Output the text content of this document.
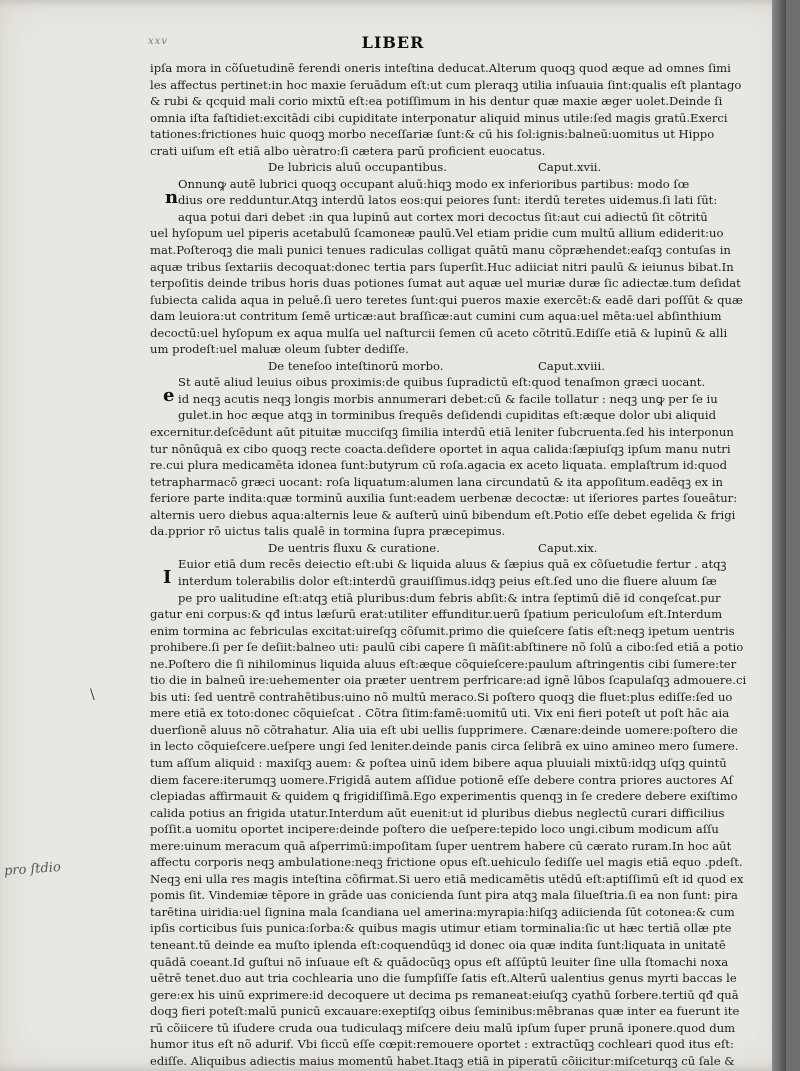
xxv	LIBER
n
e
I
\
pro ſtdio
ipſa mora in cõſuetudinẽ ferendi oneris inteſtina deducat.Alterum quoqꝫ quod æque ad omnes ſimi
les affectus pertinet:in hoc maxie ſeruādum eſt:ut cum pleraqꝫ utilia inſuauia ſint:qualis eſt plantago
& rubi & qcquid mali corio mixtū eſt:ea potiſſimum in his dentur quæ maxie æger uolet.Deinde ſi
omnia iſta faſtidiet:excitādi cibi cupiditate interponatur aliquid minus utile:ſed magis gratū.Exerci
tationes:frictiones huic quoqꝫ morbo neceſſariæ ſunt:& cū his ſol:ignis:balneū:uomitus ut Hippo
crati uiſum eſt etiā albo uèratro:ſi cætera parū proficient euocatus.
De lubricis aluū occupantibus.	Caput.xvii.
Onnunꝙ autẽ lubrici quoqꝫ occupant aluū:hiqꝫ modo ex inferioribus partibus: modo ſœ
dius ore redduntur.Atqꝫ interdū latos eos:qui peiores ſunt: iterdū teretes uidemus.ſi lati ſūt:
aqua potui dari debet :in qua lupinū aut cortex mori decoctus ſit:aut cui adiectū ſit cõtritū
uel hyſopum uel piperis acetabulū ſcamoneæ paulū.Vel etiam pridie cum multū allium ediderit:uo
mat.Poſteroqꝫ die mali punici tenues radiculas colligat quātū manu cõpræhendet:eaſqꝫ contuſas in
aquæ tribus ſextariis decoquat:donec tertia pars ſuperſit.Huc adiiciat nitri paulū & ieiunus bibat.In
terpoſitis deinde tribus horis duas potiones ſumat aut aquæ uel muriæ duræ ſic adiectæ.tum deſidat
ſubiecta calida aqua in peluē.ſi uero teretes ſunt:qui pueros maxie exercēt:& eadē dari poſſūt & quæ
dam leuiora:ut contritum ſemē urticæ:aut braſſicæ:aut cumini cum aqua:uel mēta:uel abſinthium
decoctū:uel hyſopum ex aqua mulſa uel naſturcii ſemen cū aceto cõtritū.Ediſſe etiā & lupinū & alli
um prodeſt:uel maluæ oleum ſubter dediſſe.
De teneſoo inteſtinorū morbo.	Caput.xviii.
St autē aliud leuius oibus proximis:de quibus ſupradictū eſt:quod tenaſmon græci uocant.
id neqꝫ acutis neqꝫ longis morbis annumerari debet:cū & facile tollatur : neqꝫ unꝙ per ſe iu
gulet.in hoc æque atqꝫ in torminibus ſrequēs deſidendi cupiditas eſt:æque dolor ubi aliquid
excernitur.deſcēdunt aūt pituitæ mucciſqꝫ ſimilia interdū etiā leniter ſubcruenta.ſed his interponun
tur nõnūquā ex cibo quoqꝫ recte coacta.deſidere oportet in aqua calida:ſæpiuſqꝫ ipſum manu nutri
re.cui plura medicamēta idonea ſunt:butyrum cū roſa.agacia ex aceto liquata. emplaſtrum id:quod
tetrapharmacō græci uocant: roſa liquatum:alumen lana circundatū & ita appoſitum.eadēqꝫ ex in
feriore parte indita:quæ torminū auxilia ſunt:eadem uerbenæ decoctæ: ut iſeriores partes ſoueātur:
alternis uero diebus aqua:alternis leue & auſterū uinū bibendum eſt.Potio eſſe debet egelida & frigi
da.pprior rō uictus talis qualē in tormina ſupra præcepimus.
De uentris fluxu & curatione.	Caput.xix.
Euior etiā dum recēs deiectio eſt:ubi & liquida aluus & ſæpius quā ex cõſuetudie fertur . atqꝫ
interdum tolerabilis dolor eſt:interdū grauiſſimus.idqꝫ peius eſt.ſed uno die fluere aluum ſæ
pe pro ualitudine eſt:atqꝫ etiā pluribus:dum febris abſit:& intra ſeptimū diē id conqeſcat.pur
gatur eni corpus:& qđ intus læſurū erat:utiliter effunditur.uerū ſpatium periculoſum eſt.Interdum
enim tormina ac febriculas excitat:uireſqꝫ cõſumit.primo die quieſcere ſatis eſt:neqꝫ ipetum uentris
prohibere.ſi per ſe deſiit:balneo uti: paulū cibi capere ſi māſit:abſtinere nõ ſolū a cibo:ſed etiā a potio
ne.Poſtero die ſi nihilominus liquida aluus eſt:æque cõquieſcere:paulum aſtringentis cibi ſumere:ter
tio die in balneū ire:uehementer oia præter uentrem perfricare:ad ignē lūbos ſcapulaſqꝫ admouere.ci
bis uti: ſed uentrē contrahētibus:uino nõ multū meraco.Si poſtero quoqꝫ die fluet:plus ediſſe:ſed uo
mere etiā ex toto:donec cõquieſcat . Cõtra ſitim:famē:uomitū uti. Vix eni fieri poteſt ut poſt hāc aia
duerſionē aluus nõ cõtrahatur. Alia uia eſt ubi uellis ſupprimere. Cænare:deinde uomere:poſtero die
in lecto cõquieſcere.ueſpere ungi ſed leniter.deinde panis circa ſelibrā ex uino amineo mero ſumere.
tum aſſum aliquid : maxiſqꝫ auem: & poſtea uinū idem bibere aqua pluuiali mixtū:idqꝫ uſqꝫ quintū
diem facere:iterumqꝫ uomere.Frigidā autem aſſidue potionē eſſe debere contra priores auctores Aſ
clepiadas affirmauit & quidem ꝗ frigidiſſimā.Ego experimentis quenqꝫ in ſe credere debere exiſtimo
calida potius an frigida utatur.Interdum aūt euenit:ut id pluribus diebus neglectū curari difficilius
poſſit.a uomitu oportet incipere:deinde poſtero die ueſpere:tepido loco ungi.cibum modicum aſſu
mere:uinum meracum quā aſperrimū:impoſitam ſuper uentrem habere cū cærato ruram.In hoc aūt
affectu corporis neqꝫ ambulatione:neqꝫ frictione opus eſt.uehiculo ſediſſe uel magis etiā equo .pdeſt.
Neqꝫ eni ulla res magis inteſtina cõfirmat.Si uero etiā medicamētis utēdū eſt:aptiſſimū eſt id quod ex
pomis ſit. Vindemiæ tēpore in grāde uas conicienda ſunt pira atqꝫ mala ſilueſtria.ſi ea non ſunt: pira
tarētina uiridia:uel ſignina mala ſcandiana uel amerina:myrapia:hiſqꝫ adiicienda ſūt cotoneа:& cum
ipſis corticibus ſuis punica:ſorba:& quibus magis utimur etiam torminalia:ſic ut hæc tertiā ollæ pte
teneant.tū deinde ea muſto iplenda eſt:coquendūqꝫ id donec oia quæ indita ſunt:liquata in unitatē
quādā coeant.Id guſtui nõ inſuaue eſt & quādocūqꝫ opus eſt aſſūptū leuiter ſine ulla ſtomachi noxa
uētrē tenet.duo aut tria cochlearia uno die ſumpſiſſe ſatis eſt.Alterū ualentius genus myrti baccas le
gere:ex his uinū exprimere:id decoquere ut decima ps remaneat:eiuſqꝫ cyathū ſorbere.tertiū qđ quā
doqꝫ fieri poteſt:malū punicū excauare:exeptiſqꝫ oibus ſeminibus:mēbranas quæ inter ea fuerunt ite
rū cõiicere tū iſudere cruda oua tudiculaqꝫ miſcere deiu malū ipſum ſuper prunā iponere.quod dum
humor itus eſt nõ adurif. Vbi ſiccū eſſe cœpit:remouere oportet : extractūqꝫ cochleari quod itus eſt:
ediſſe. Aliquibus adiectis maius momentū habet.Itaqꝫ etiā in piperatū cõiicitur:miſceturqꝫ cū ſale &
